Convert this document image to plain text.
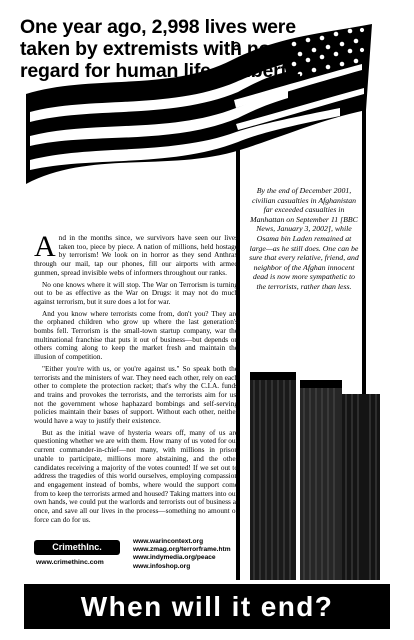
One year ago, 2,998 lives were taken by extremists with no regard for human life or liberty.

By the end of December 2001, civilian casualties in Afghanistan far exceeded casualties in Manhattan on September 11 [BBC News, January 3, 2002], while Osama bin Laden remained at large—as he still does. One can be sure that every relative, friend, and neighbor of the Afghan innocent dead is now more sympathetic to the terrorists, rather than less.

And in the months since, we survivors have seen our lives taken too, piece by piece. A nation of millions, held hostage by terrorism! We look on in horror as they send Anthrax through our mail, tap our phones, fill our airports with armed gunmen, spread invisible webs of informers throughout our ranks.

No one knows where it will stop. The War on Terrorism is turning out to be as effective as the War on Drugs: it may not do much against terrorism, but it sure does a lot for war.

And you know where terrorists come from, don't you? They are the orphaned children who grow up where the last generation's bombs fell. Terrorism is the small-town startup company, war the multinational franchise that puts it out of business—but depends on others coming along to keep the market fresh and maintain the illusion of competition.

"Either you're with us, or you're against us." So speak both the terrorists and the ministers of war. They need each other, rely on each other to complete the protection racket; that's why the C.I.A. funds and trains and provokes the terrorists, and the terrorists aim for us, not the government whose haphazard bombings and self-serving policies maintain their bases of support. Without each other, neither would have a way to justify their existence.

But as the initial wave of hysteria wears off, many of us are questioning whether we are with them. How many of us voted for our current commander-in-chief—not many, with millions in prison unable to participate, millions more abstaining, and the other candidates receiving a majority of the votes counted! If we set out to address the tragedies of this world ourselves, employing compassion and engagement instead of bombs, where would the support come from to keep the terrorists armed and housed? Taking matters into our own hands, we could put the warlords and terrorists out of business at once, and save all our lives in the process—something no amount of force can do for us.

CrimethInc.
www.crimethinc.com
www.warincontext.org
www.zmag.org/terrorframe.htm
www.indymedia.org/peace
www.infoshop.org
When will it end?
